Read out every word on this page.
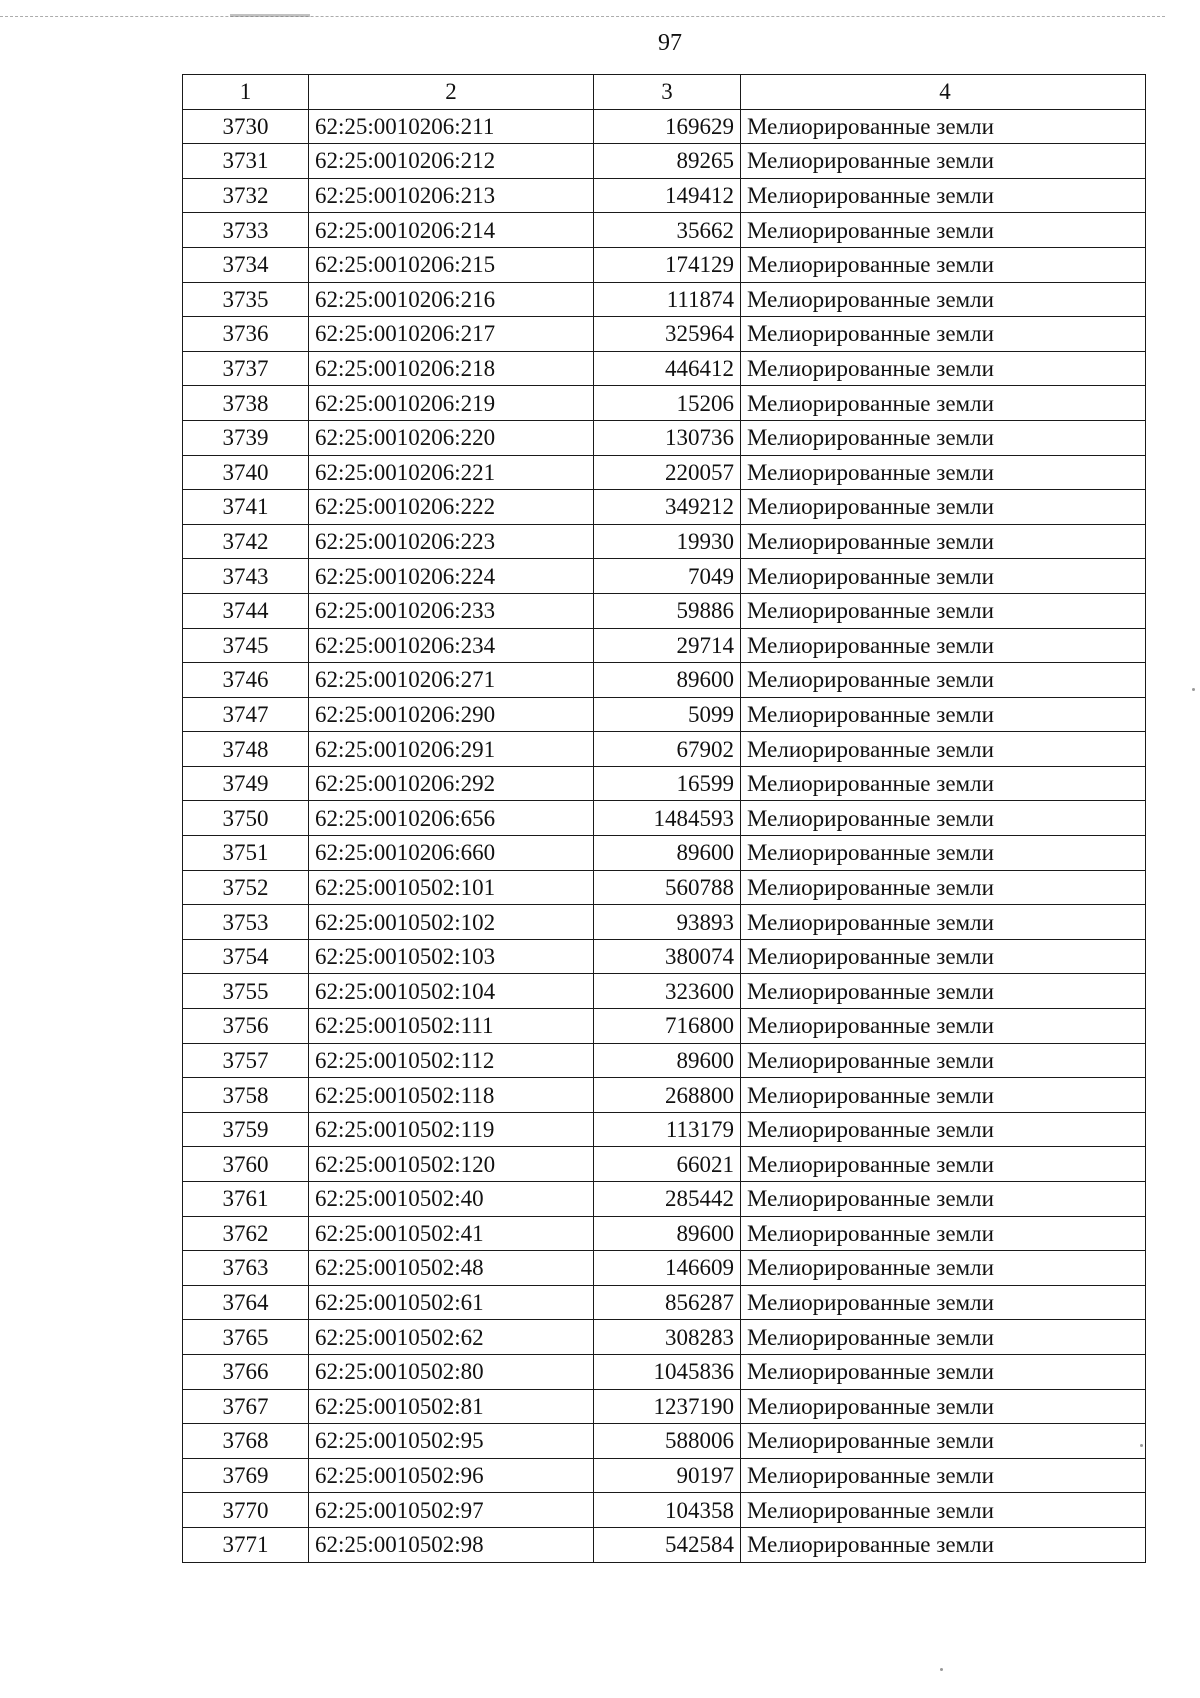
97
1	2	3	4
3730	62:25:0010206:211	169629	Мелиорированные земли
3731	62:25:0010206:212	89265	Мелиорированные земли
3732	62:25:0010206:213	149412	Мелиорированные земли
3733	62:25:0010206:214	35662	Мелиорированные земли
3734	62:25:0010206:215	174129	Мелиорированные земли
3735	62:25:0010206:216	111874	Мелиорированные земли
3736	62:25:0010206:217	325964	Мелиорированные земли
3737	62:25:0010206:218	446412	Мелиорированные земли
3738	62:25:0010206:219	15206	Мелиорированные земли
3739	62:25:0010206:220	130736	Мелиорированные земли
3740	62:25:0010206:221	220057	Мелиорированные земли
3741	62:25:0010206:222	349212	Мелиорированные земли
3742	62:25:0010206:223	19930	Мелиорированные земли
3743	62:25:0010206:224	7049	Мелиорированные земли
3744	62:25:0010206:233	59886	Мелиорированные земли
3745	62:25:0010206:234	29714	Мелиорированные земли
3746	62:25:0010206:271	89600	Мелиорированные земли
3747	62:25:0010206:290	5099	Мелиорированные земли
3748	62:25:0010206:291	67902	Мелиорированные земли
3749	62:25:0010206:292	16599	Мелиорированные земли
3750	62:25:0010206:656	1484593	Мелиорированные земли
3751	62:25:0010206:660	89600	Мелиорированные земли
3752	62:25:0010502:101	560788	Мелиорированные земли
3753	62:25:0010502:102	93893	Мелиорированные земли
3754	62:25:0010502:103	380074	Мелиорированные земли
3755	62:25:0010502:104	323600	Мелиорированные земли
3756	62:25:0010502:111	716800	Мелиорированные земли
3757	62:25:0010502:112	89600	Мелиорированные земли
3758	62:25:0010502:118	268800	Мелиорированные земли
3759	62:25:0010502:119	113179	Мелиорированные земли
3760	62:25:0010502:120	66021	Мелиорированные земли
3761	62:25:0010502:40	285442	Мелиорированные земли
3762	62:25:0010502:41	89600	Мелиорированные земли
3763	62:25:0010502:48	146609	Мелиорированные земли
3764	62:25:0010502:61	856287	Мелиорированные земли
3765	62:25:0010502:62	308283	Мелиорированные земли
3766	62:25:0010502:80	1045836	Мелиорированные земли
3767	62:25:0010502:81	1237190	Мелиорированные земли
3768	62:25:0010502:95	588006	Мелиорированные земли
3769	62:25:0010502:96	90197	Мелиорированные земли
3770	62:25:0010502:97	104358	Мелиорированные земли
3771	62:25:0010502:98	542584	Мелиорированные земли
